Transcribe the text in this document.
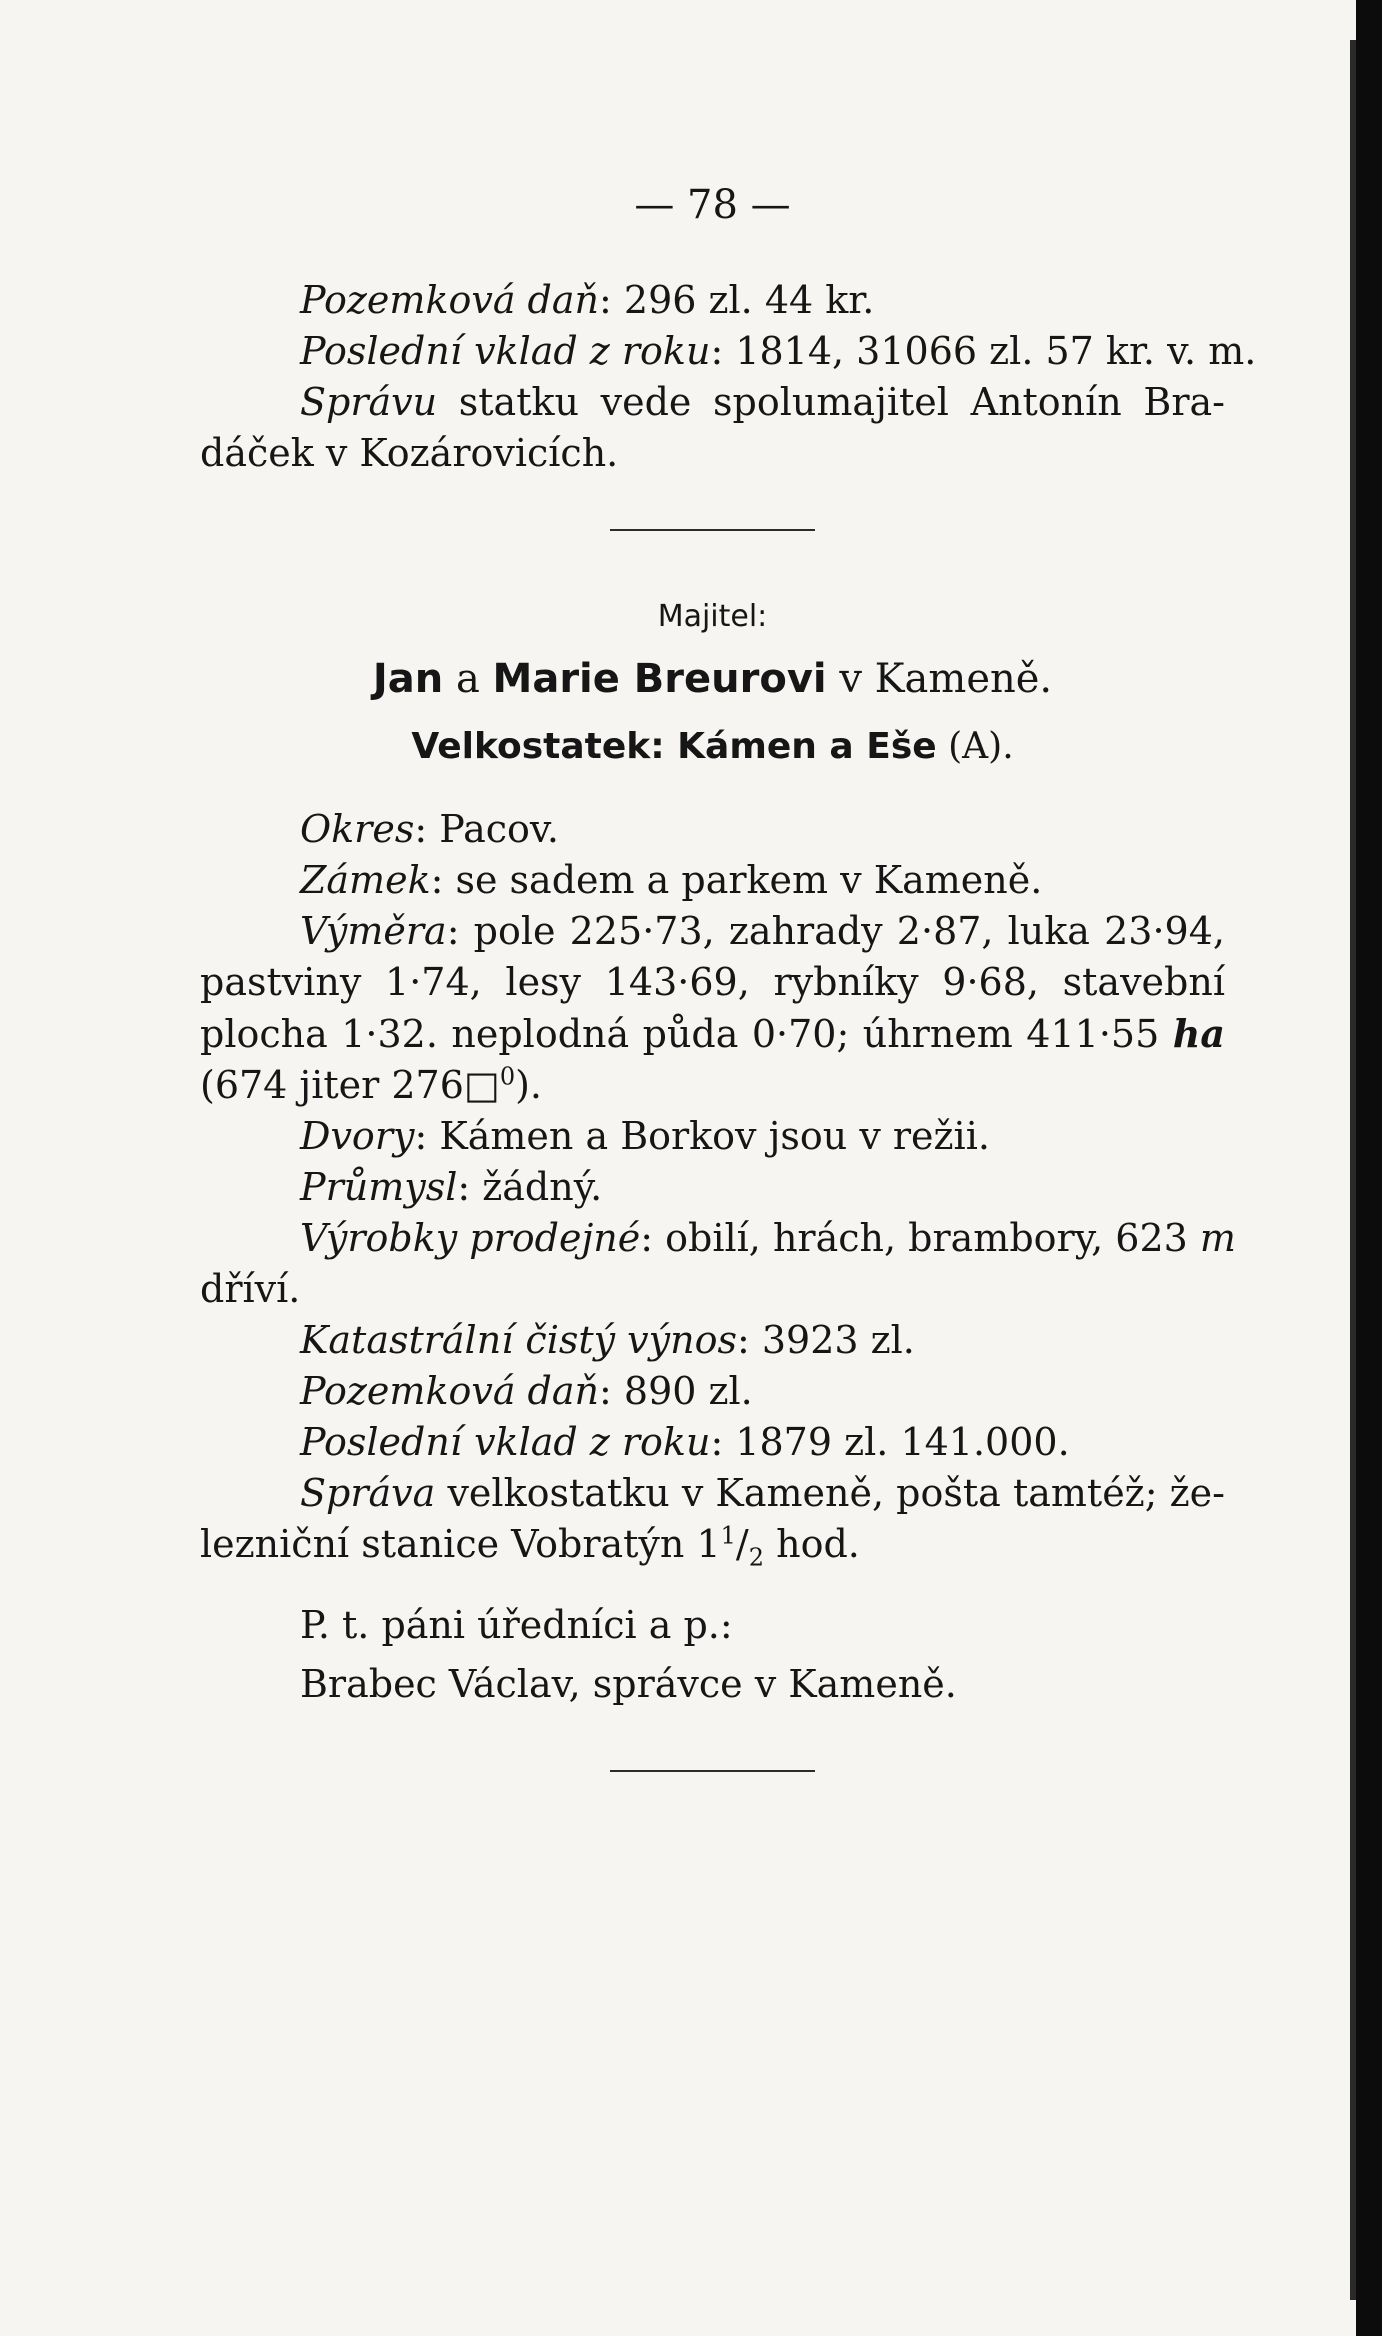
— 78 —
Pozemková daň: 296 zl. 44 kr.
Poslední vklad z roku: 1814, 31066 zl. 57 kr. v. m.
Správu statku vede spolumajitel Antonín Bra-
dáček v Kozárovicích.
Majitel:
Jan a Marie Breurovi v Kameně.
Velkostatek: Kámen a Eše (A).
Okres: Pacov.
Zámek: se sadem a parkem v Kameně.
Výměra: pole 225·73, zahrady 2·87, luka 23·94,
pastviny 1·74, lesy 143·69, rybníky 9·68, stavební
plocha 1·32. neplodná půda 0·70; úhrnem 411·55 ha
(674 jiter 276□$^0$).
Dvory: Kámen a Borkov jsou v režii.
Průmysl: žádný.
Výrobky prodejné: obilí, hrách, brambory, 623 m
dříví.
Katastrální čistý výnos: 3923 zl.
Pozemková daň: 890 zl.
Poslední vklad z roku: 1879 zl. 141.000.
Správa velkostatku v Kameně, pošta tamtéž; že-
lezniční stanice Vobratýn $1^1/_2$ hod.
P. t. páni úředníci a p.:
Brabec Václav, správce v Kameně.
